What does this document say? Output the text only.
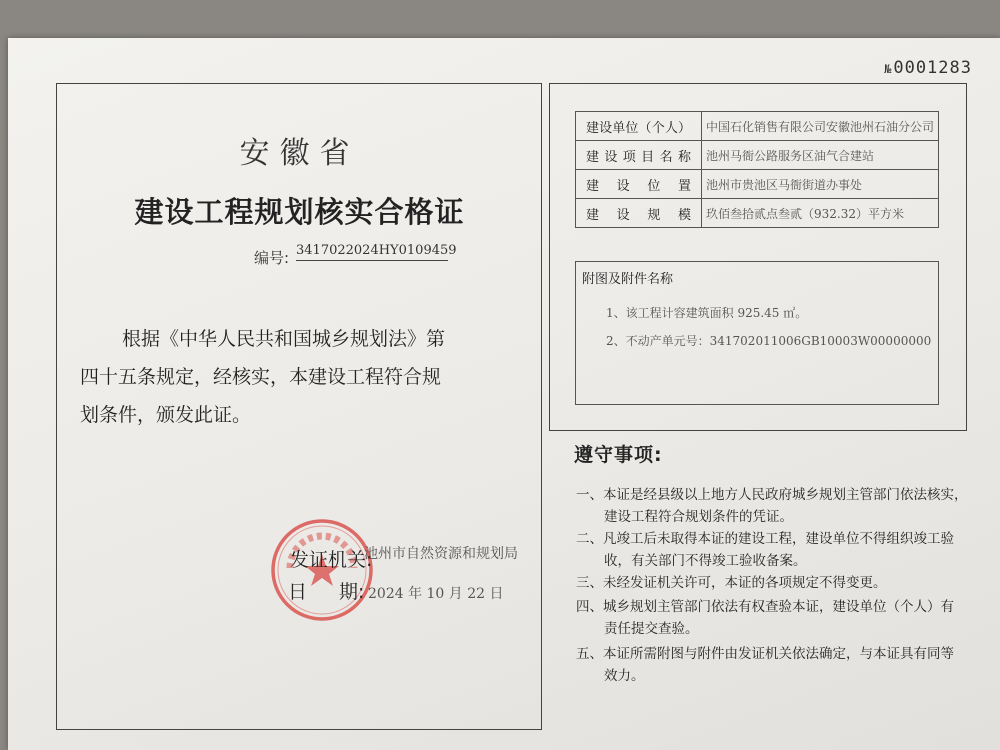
№0001283
安徽省
建设工程规划核实合格证
编号: 3417022024HY0109459
根据《中华人民共和国城乡规划法》第
四十五条规定，经核实，本建设工程符合规
划条件，颁发此证。
发证机关:
池州市自然资源和规划局
日 期: 2024 年 10 月 22 日
建设单位（个人）	中国石化销售有限公司安徽池州石油分公司
建设项目名称	池州马衙公路服务区油气合建站
建设位置	池州市贵池区马衙街道办事处
建设规模	玖佰叁拾贰点叁贰（932.32）平方米
附图及附件名称
1、该工程计容建筑面积 925.45 ㎡。
2、不动产单元号：341702011006GB10003W00000000
遵守事项:
一、本证是经县级以上地方人民政府城乡规划主管部门依法核实，
建设工程符合规划条件的凭证。
二、凡竣工后未取得本证的建设工程，建设单位不得组织竣工验
收，有关部门不得竣工验收备案。
三、未经发证机关许可，本证的各项规定不得变更。
四、城乡规划主管部门依法有权查验本证，建设单位（个人）有
责任提交查验。
五、本证所需附图与附件由发证机关依法确定，与本证具有同等
效力。
